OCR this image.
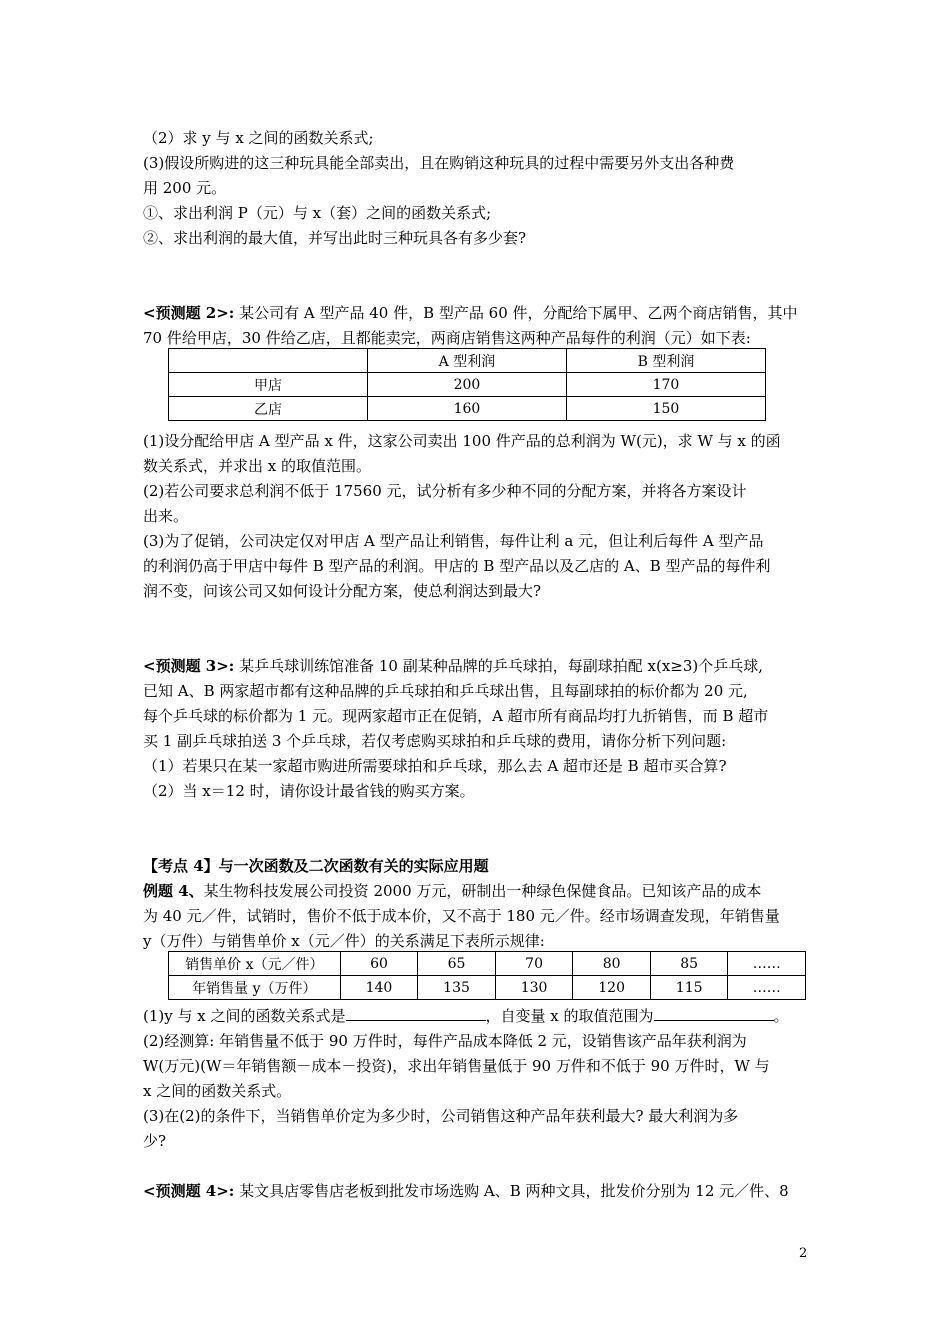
（2）求 y 与 x 之间的函数关系式;
(3)假设所购进的这三种玩具能全部卖出，且在购销这种玩具的过程中需要另外支出各种费
用 200 元。
①、求出利润 P（元）与 x（套）之间的函数关系式;
②、求出利润的最大值，并写出此时三种玩具各有多少套?
<预测题 2>: 某公司有 A 型产品 40 件，B 型产品 60 件，分配给下属甲、乙两个商店销售，其中
70 件给甲店，30 件给乙店，且都能卖完，两商店销售这两种产品每件的利润（元）如下表:
	A 型利润	B 型利润
甲店	200	170
乙店	160	150
(1)设分配给甲店 A 型产品 x 件，这家公司卖出 100 件产品的总利润为 W(元)，求 W 与 x 的函
数关系式，并求出 x 的取值范围。
(2)若公司要求总利润不低于 17560 元，试分析有多少种不同的分配方案，并将各方案设计
出来。
(3)为了促销，公司决定仅对甲店 A 型产品让利销售，每件让利 a 元，但让利后每件 A 型产品
的利润仍高于甲店中每件 B 型产品的利润。甲店的 B 型产品以及乙店的 A、B 型产品的每件利
润不变，问该公司又如何设计分配方案，使总利润达到最大?
<预测题 3>: 某乒乓球训练馆准备 10 副某种品牌的乒乓球拍，每副球拍配 x(x≥3)个乒乓球,
已知 A、B 两家超市都有这种品牌的乒乓球拍和乒乓球出售，且每副球拍的标价都为 20 元,
每个乒乓球的标价都为 1 元。现两家超市正在促销，A 超市所有商品均打九折销售，而 B 超市
买 1 副乒乓球拍送 3 个乒乓球，若仅考虑购买球拍和乒乓球的费用，请你分析下列问题:
（1）若果只在某一家超市购进所需要球拍和乒乓球，那么去 A 超市还是 B 超市买合算?
（2）当 x＝12 时，请你设计最省钱的购买方案。
【考点 4】与一次函数及二次函数有关的实际应用题
例题 4、某生物科技发展公司投资 2000 万元，研制出一种绿色保健食品。已知该产品的成本
为 40 元／件，试销时，售价不低于成本价，又不高于 180 元／件。经市场调查发现，年销售量
y（万件）与销售单价 x（元／件）的关系满足下表所示规律:
销售单价 x（元／件）	60	65	70	80	85	……
年销售量 y（万件）	140	135	130	120	115	……
(1)y 与 x 之间的函数关系式是	，自变量 x 的取值范围为	。
(2)经测算: 年销售量不低于 90 万件时，每件产品成本降低 2 元，设销售该产品年获利润为
W(万元)(W＝年销售额－成本－投资)，求出年销售量低于 90 万件和不低于 90 万件时，W 与
x 之间的函数关系式。
(3)在(2)的条件下，当销售单价定为多少时，公司销售这种产品年获利最大? 最大利润为多
少?
<预测题 4>: 某文具店零售店老板到批发市场选购 A、B 两种文具，批发价分别为 12 元／件、8
2
